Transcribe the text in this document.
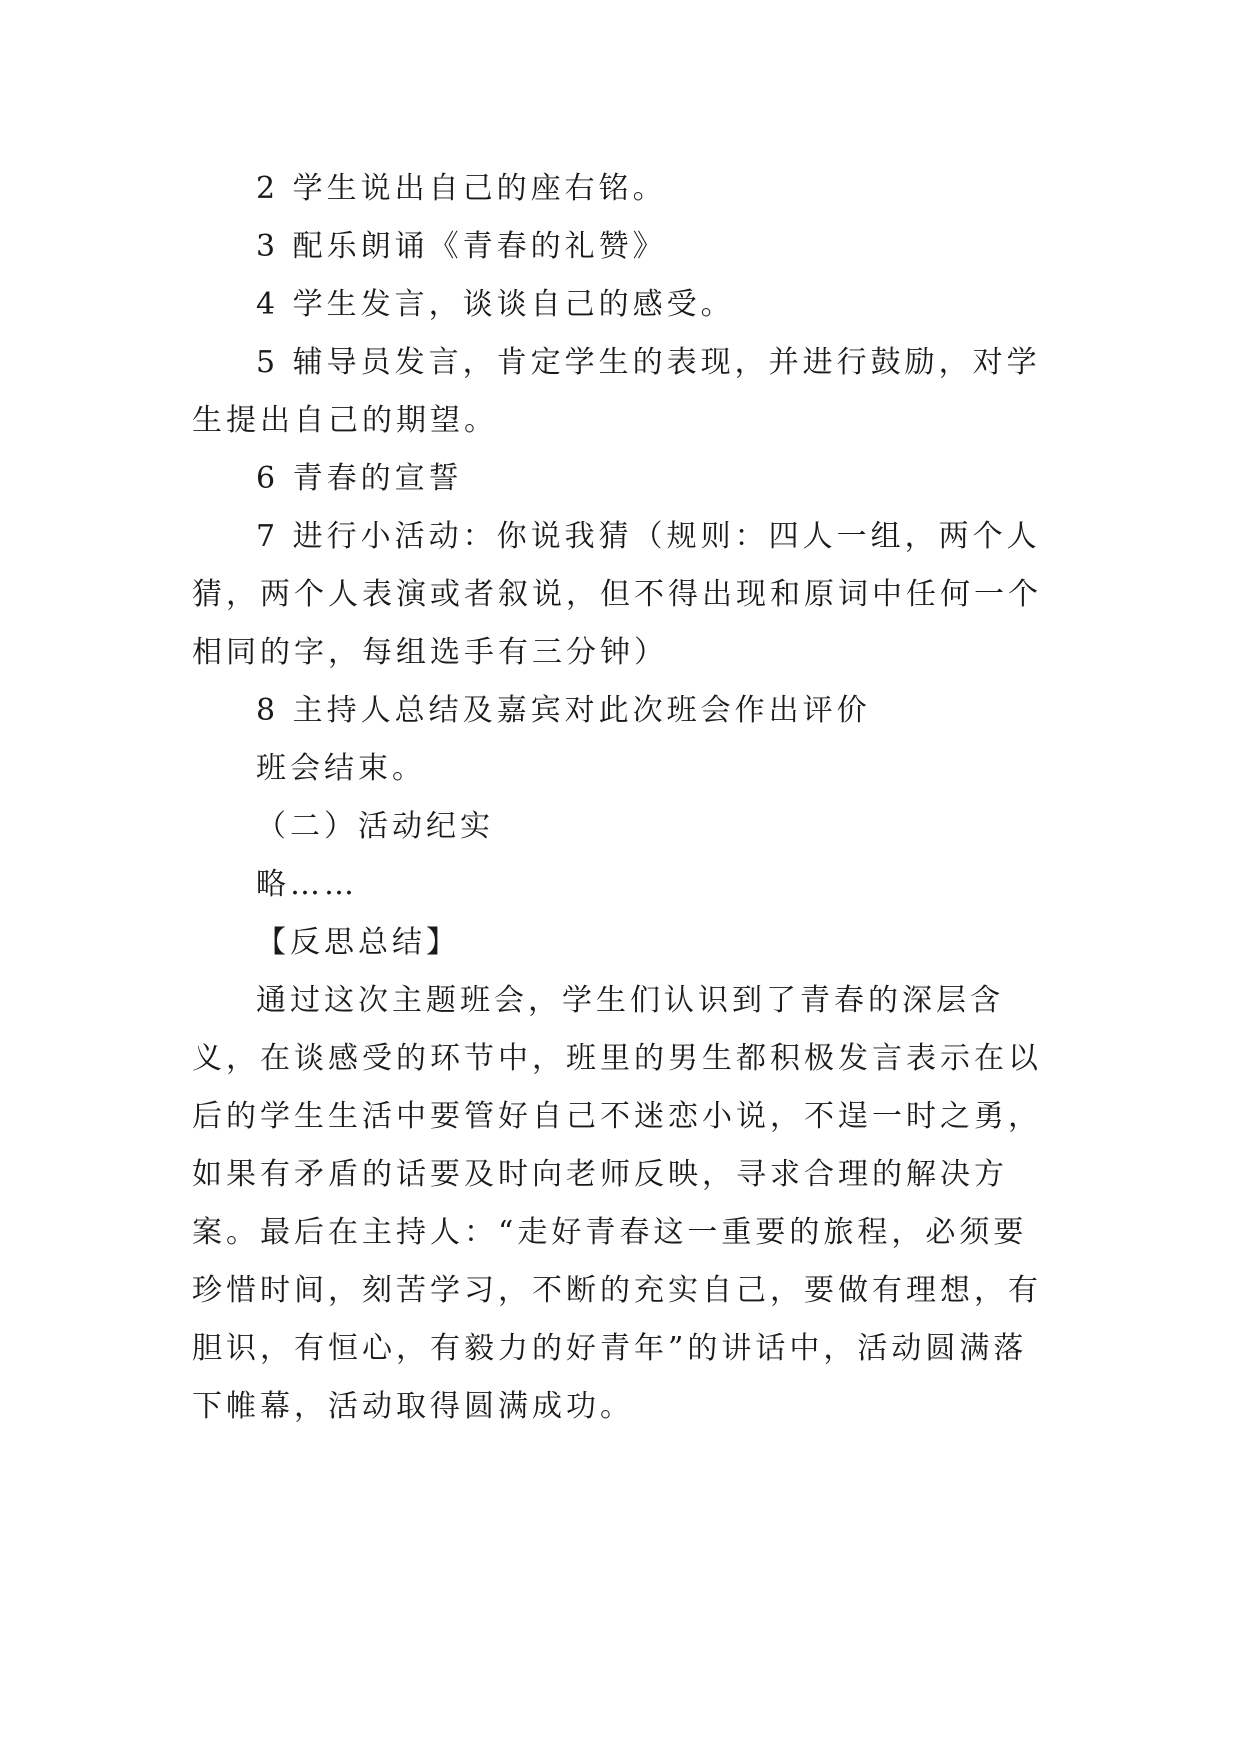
2 学生说出自己的座右铭。

3 配乐朗诵《青春的礼赞》

4 学生发言，谈谈自己的感受。

5 辅导员发言，肯定学生的表现，并进行鼓励，对学生提出自己的期望。

6 青春的宣誓

7 进行小活动：你说我猜（规则：四人一组，两个人猜，两个人表演或者叙说，但不得出现和原词中任何一个相同的字，每组选手有三分钟）

8 主持人总结及嘉宾对此次班会作出评价

班会结束。

（二）活动纪实

略……

【反思总结】

通过这次主题班会，学生们认识到了青春的深层含义，在谈感受的环节中，班里的男生都积极发言表示在以后的学生生活中要管好自己不迷恋小说，不逞一时之勇，如果有矛盾的话要及时向老师反映，寻求合理的解决方案。最后在主持人：“走好青春这一重要的旅程，必须要珍惜时间，刻苦学习，不断的充实自己，要做有理想，有胆识，有恒心，有毅力的好青年”的讲话中，活动圆满落下帷幕，活动取得圆满成功。
